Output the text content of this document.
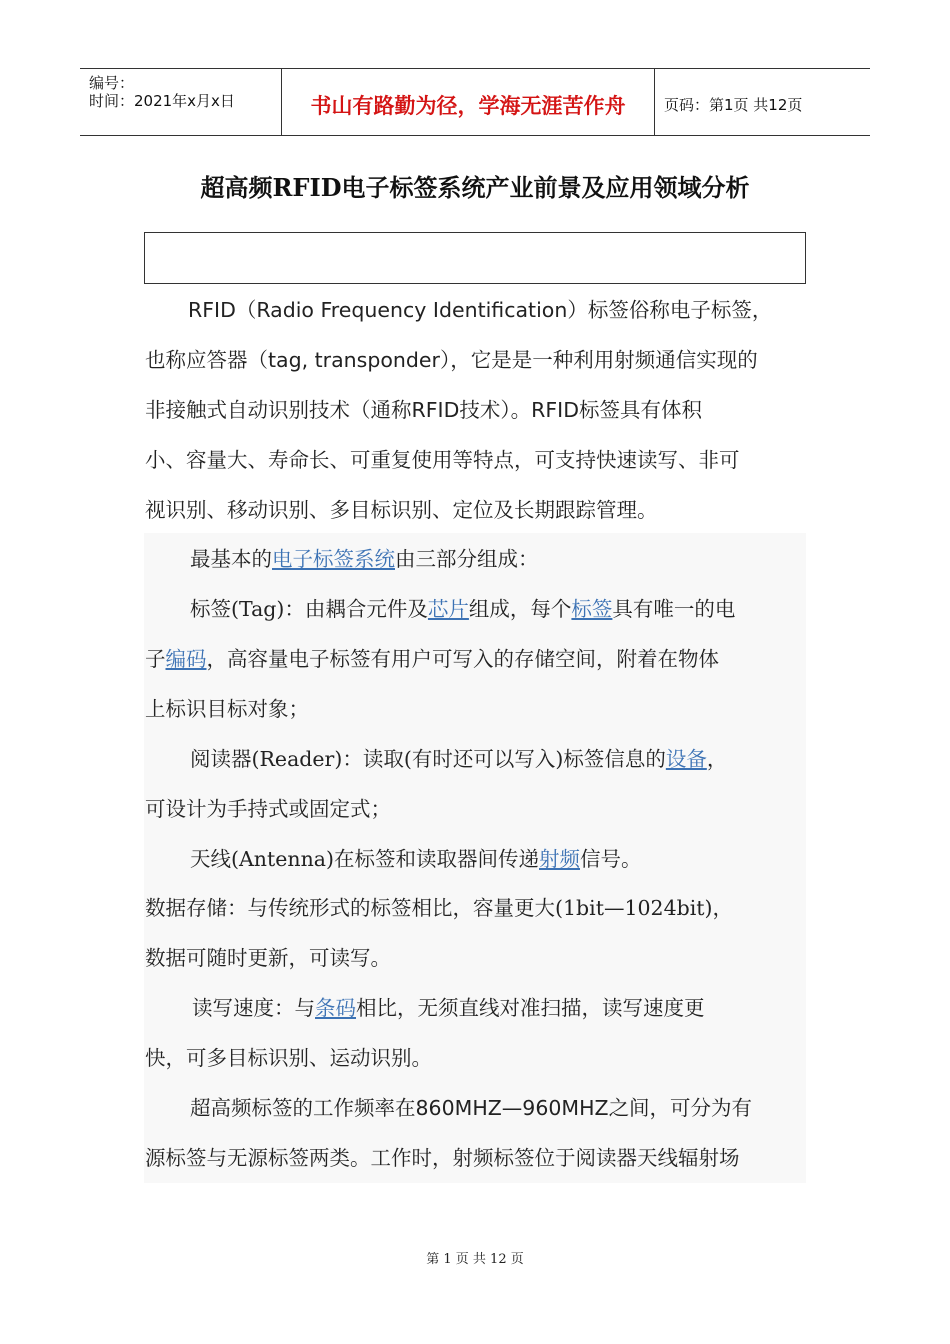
编号：
时间：2021年x月x日	书山有路勤为径，学海无涯苦作舟	页码：第1页 共12页
超高频RFID电子标签系统产业前景及应用领域分析
RFID（Radio Frequency Identification）标签俗称电子标签，
也称应答器（tag, transponder），它是是一种利用射频通信实现的
非接触式自动识别技术（通称RFID技术）。RFID标签具有体积
小、容量大、寿命长、可重复使用等特点，可支持快速读写、非可
视识别、移动识别、多目标识别、定位及长期跟踪管理。
最基本的电子标签系统由三部分组成：
标签(Tag)：由耦合元件及芯片组成，每个标签具有唯一的电
子编码，高容量电子标签有用户可写入的存储空间，附着在物体
上标识目标对象；
阅读器(Reader)：读取(有时还可以写入)标签信息的设备，
可设计为手持式或固定式；
天线(Antenna)在标签和读取器间传递射频信号。
数据存储：与传统形式的标签相比，容量更大(1bit—1024bit)，
数据可随时更新，可读写。
读写速度：与条码相比，无须直线对准扫描，读写速度更
快，可多目标识别、运动识别。
超高频标签的工作频率在860MHZ—960MHZ之间，可分为有
源标签与无源标签两类。工作时，射频标签位于阅读器天线辐射场
第 1 页 共 12 页
